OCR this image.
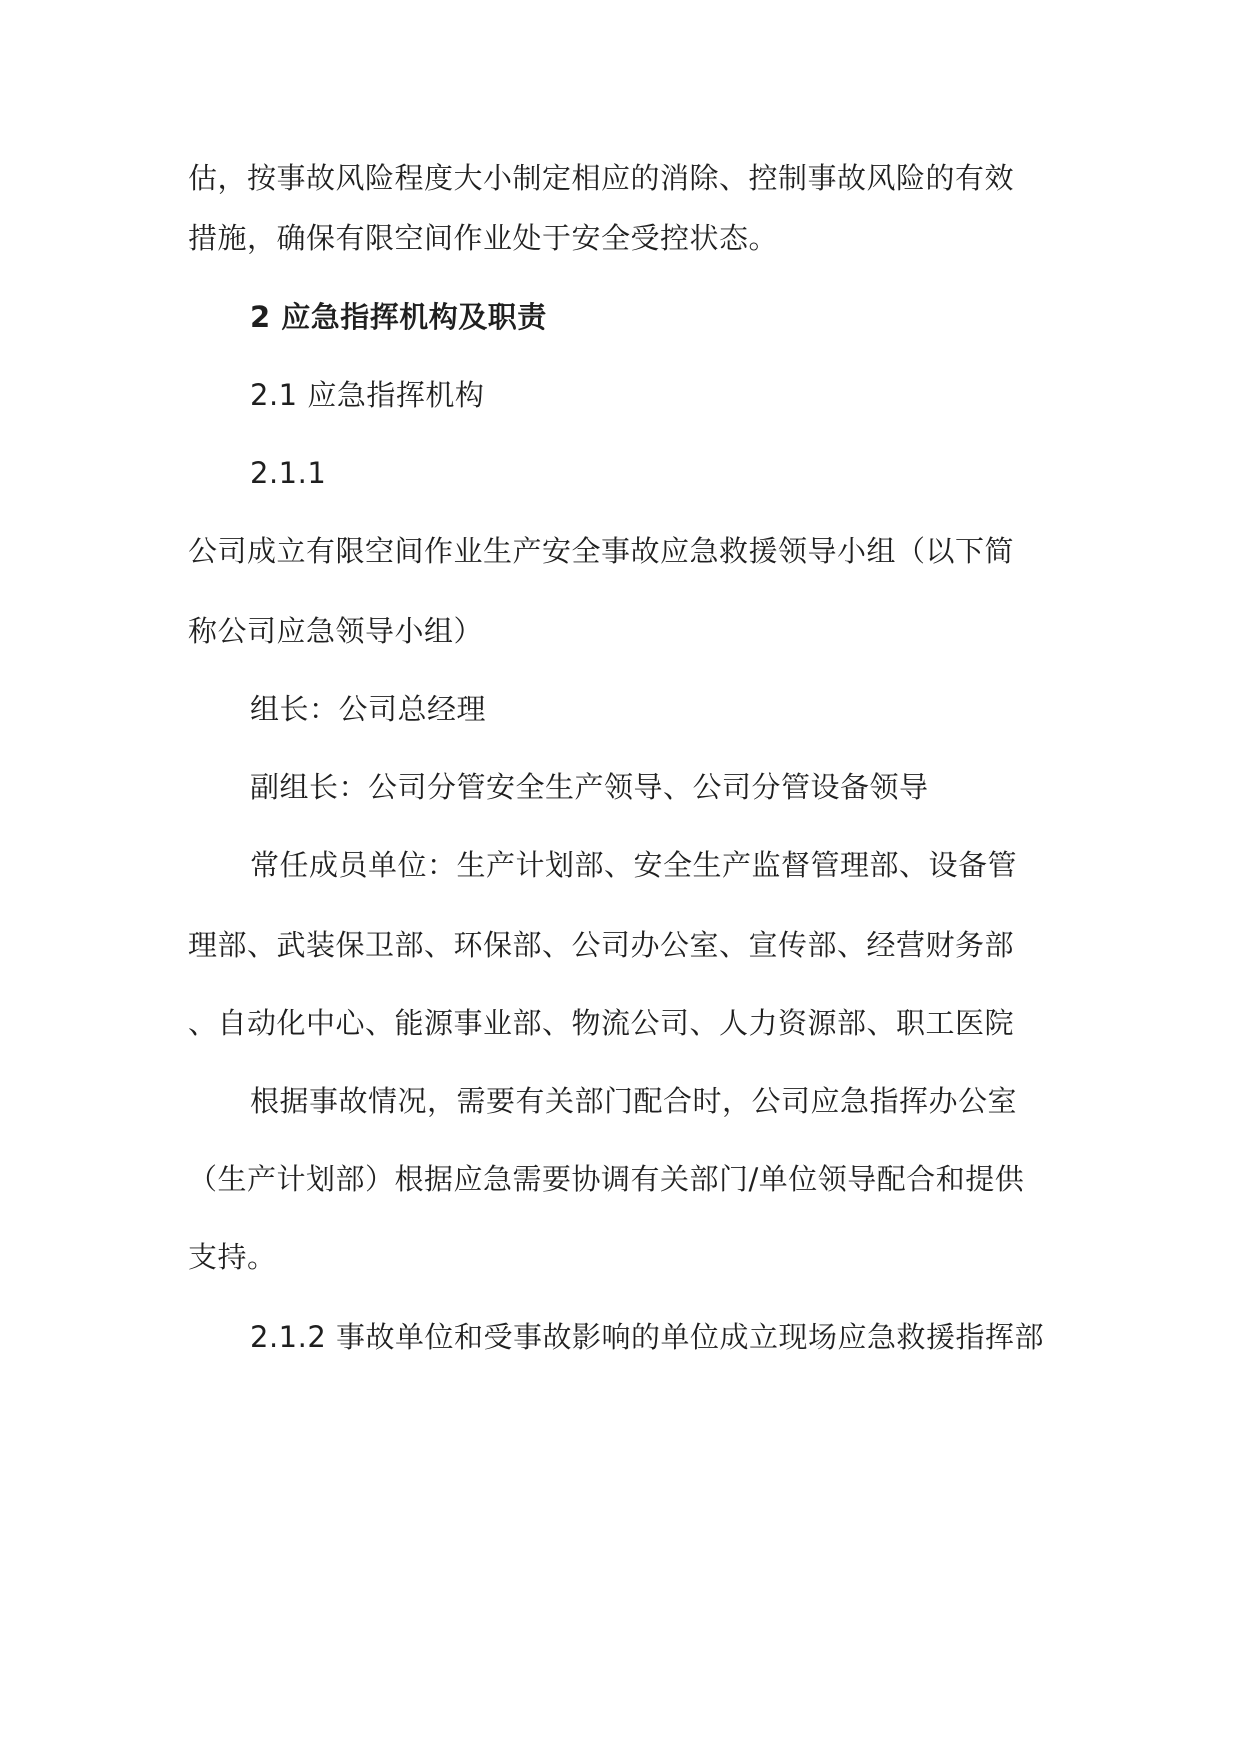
估，按事故风险程度大小制定相应的消除、控制事故风险的有效
措施，确保有限空间作业处于安全受控状态。
2 应急指挥机构及职责
2.1 应急指挥机构
2.1.1
公司成立有限空间作业生产安全事故应急救援领导小组（以下简
称公司应急领导小组）
组长：公司总经理
副组长：公司分管安全生产领导、公司分管设备领导
常任成员单位：生产计划部、安全生产监督管理部、设备管
理部、武装保卫部、环保部、公司办公室、宣传部、经营财务部
、自动化中心、能源事业部、物流公司、人力资源部、职工医院
根据事故情况，需要有关部门配合时，公司应急指挥办公室
（生产计划部）根据应急需要协调有关部门/单位领导配合和提供
支持。
2.1.2 事故单位和受事故影响的单位成立现场应急救援指挥部
